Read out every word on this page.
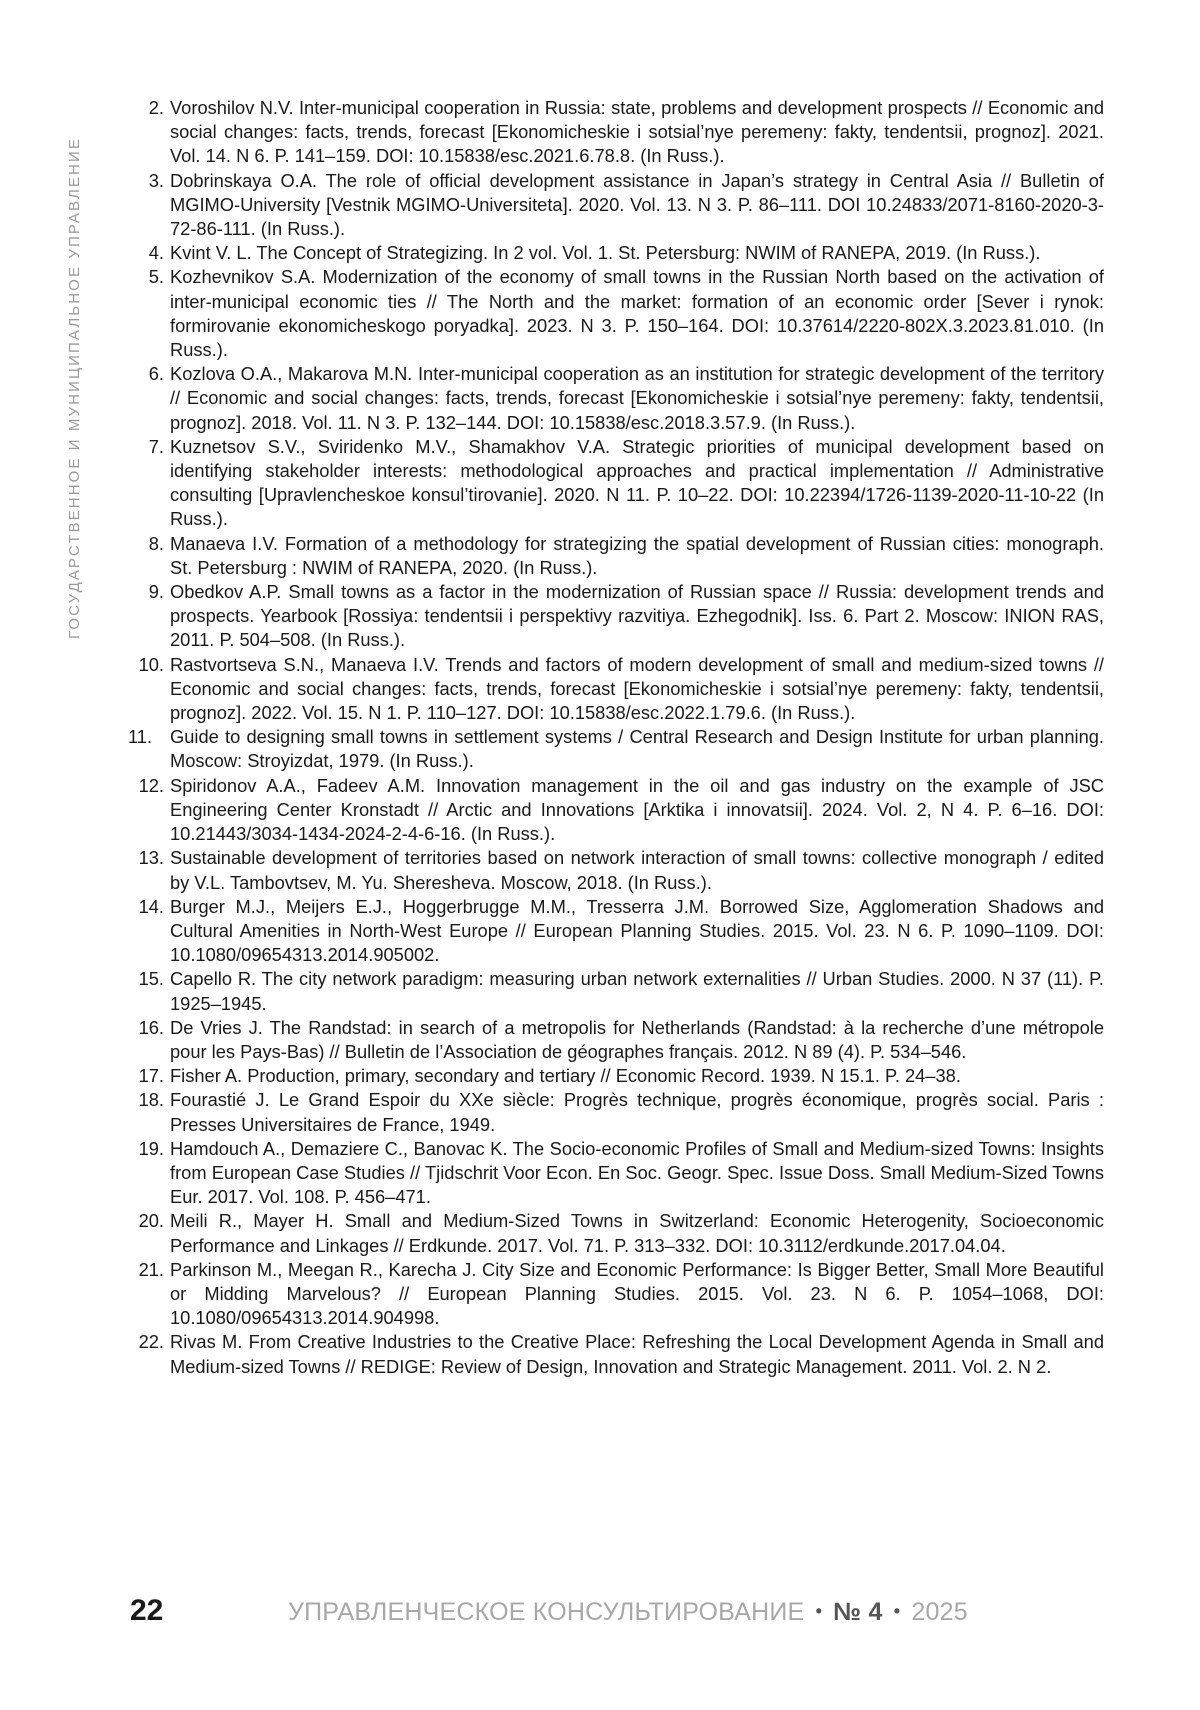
ГОСУДАРСТВЕННОЕ И МУНИЦИПАЛЬНОЕ УПРАВЛЕНИЕ
2. Voroshilov N.V. Inter-municipal cooperation in Russia: state, problems and development prospects // Economic and social changes: facts, trends, forecast [Ekonomicheskie i sotsial’nye peremeny: fakty, tendentsii, prognoz]. 2021. Vol. 14. N 6. P. 141–159. DOI: 10.15838/esc.2021.6.78.8. (In Russ.).
3. Dobrinskaya O.A. The role of official development assistance in Japan’s strategy in Central Asia // Bulletin of MGIMO-University [Vestnik MGIMO-Universiteta]. 2020. Vol. 13. N 3. P. 86–111. DOI 10.24833/2071-8160-2020-3-72-86-111. (In Russ.).
4. Kvint V. L. The Concept of Strategizing. In 2 vol. Vol. 1. St. Petersburg: NWIM of RANEPA, 2019. (In Russ.).
5. Kozhevnikov S.A. Modernization of the economy of small towns in the Russian North based on the activation of inter-municipal economic ties // The North and the market: formation of an economic order [Sever i rynok: formirovanie ekonomicheskogo poryadka]. 2023. N 3. P. 150–164. DOI: 10.37614/2220-802X.3.2023.81.010. (In Russ.).
6. Kozlova O.A., Makarova M.N. Inter-municipal cooperation as an institution for strategic development of the territory // Economic and social changes: facts, trends, forecast [Ekonomicheskie i sotsial’nye peremeny: fakty, tendentsii, prognoz]. 2018. Vol. 11. N 3. P. 132–144. DOI: 10.15838/esc.2018.3.57.9. (In Russ.).
7. Kuznetsov S.V., Sviridenko M.V., Shamakhov V.A. Strategic priorities of municipal development based on identifying stakeholder interests: methodological approaches and practical implementation // Administrative consulting [Upravlencheskoe konsul’tirovanie]. 2020. N 11. P. 10–22. DOI: 10.22394/1726-1139-2020-11-10-22 (In Russ.).
8. Manaeva I.V. Formation of a methodology for strategizing the spatial development of Russian cities: monograph. St. Petersburg : NWIM of RANEPA, 2020. (In Russ.).
9. Obedkov A.P. Small towns as a factor in the modernization of Russian space // Russia: development trends and prospects. Yearbook [Rossiya: tendentsii i perspektivy razvitiya. Ezhegodnik]. Iss. 6. Part 2. Moscow: INION RAS, 2011. P. 504–508. (In Russ.).
10. Rastvortseva S.N., Manaeva I.V. Trends and factors of modern development of small and medium-sized towns // Economic and social changes: facts, trends, forecast [Ekonomicheskie i sotsial’nye peremeny: fakty, tendentsii, prognoz]. 2022. Vol. 15. N 1. P. 110–127. DOI: 10.15838/esc.2022.1.79.6. (In Russ.).
11. Guide to designing small towns in settlement systems / Central Research and Design Institute for urban planning. Moscow: Stroyizdat, 1979. (In Russ.).
12. Spiridonov A.A., Fadeev A.M. Innovation management in the oil and gas industry on the example of JSC Engineering Center Kronstadt // Arctic and Innovations [Arktika i innovatsii]. 2024. Vol. 2, N 4. P. 6–16. DOI: 10.21443/3034-1434-2024-2-4-6-16. (In Russ.).
13. Sustainable development of territories based on network interaction of small towns: collective monograph / edited by V.L. Tambovtsev, M. Yu. Sheresheva. Moscow, 2018. (In Russ.).
14. Burger M.J., Meijers E.J., Hoggerbrugge M.M., Tresserra J.M. Borrowed Size, Agglomeration Shadows and Cultural Amenities in North-West Europe // European Planning Studies. 2015. Vol. 23. N 6. P. 1090–1109. DOI: 10.1080/09654313.2014.905002.
15. Capello R. The city network paradigm: measuring urban network externalities // Urban Studies. 2000. N 37 (11). P. 1925–1945.
16. De Vries J. The Randstad: in search of a metropolis for Netherlands (Randstad: à la recherche d’une métropole pour les Pays-Bas) // Bulletin de l’Association de géographes français. 2012. N 89 (4). P. 534–546.
17. Fisher A. Production, primary, secondary and tertiary // Economic Record. 1939. N 15.1. P. 24–38.
18. Fourastié J. Le Grand Espoir du XXe siècle: Progrès technique, progrès économique, progrès social. Paris : Presses Universitaires de France, 1949.
19. Hamdouch A., Demaziere C., Banovac K. The Socio-economic Profiles of Small and Medium-sized Towns: Insights from European Case Studies // Tjidschrit Voor Econ. En Soc. Geogr. Spec. Issue Doss. Small Medium-Sized Towns Eur. 2017. Vol. 108. P. 456–471.
20. Meili R., Mayer H. Small and Medium-Sized Towns in Switzerland: Economic Heterogenity, Socioeconomic Performance and Linkages // Erdkunde. 2017. Vol. 71. P. 313–332. DOI: 10.3112/erdkunde.2017.04.04.
21. Parkinson M., Meegan R., Karecha J. City Size and Economic Performance: Is Bigger Better, Small More Beautiful or Midding Marvelous? // European Planning Studies. 2015. Vol. 23. N 6. P. 1054–1068, DOI: 10.1080/09654313.2014.904998.
22. Rivas M. From Creative Industries to the Creative Place: Refreshing the Local Development Agenda in Small and Medium-sized Towns // REDIGE: Review of Design, Innovation and Strategic Management. 2011. Vol. 2. N 2.
22	УПРАВЛЕНЧЕСКОЕ КОНСУЛЬТИРОВАНИЕ • № 4 • 2025
